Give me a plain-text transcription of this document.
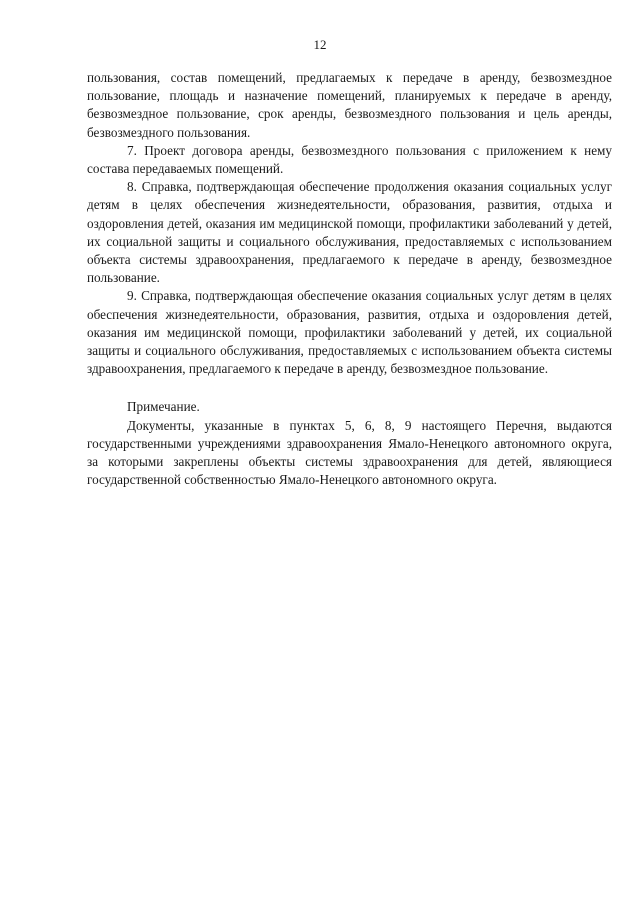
12

пользования, состав помещений, предлагаемых к передаче в аренду, безвозмездное пользование, площадь и назначение помещений, планируемых к передаче в аренду, безвозмездное пользование, срок аренды, безвозмездного пользования и цель аренды, безвозмездного пользования.

7. Проект договора аренды, безвозмездного пользования с приложением к нему состава передаваемых помещений.

8. Справка, подтверждающая обеспечение продолжения оказания социальных услуг детям в целях обеспечения жизнедеятельности, образования, развития, отдыха и оздоровления детей, оказания им медицинской помощи, профилактики заболеваний у детей, их социальной защиты и социального обслуживания, предоставляемых с использованием объекта системы здравоохранения, предлагаемого к передаче в аренду, безвозмездное пользование.

9. Справка, подтверждающая обеспечение оказания социальных услуг детям в целях обеспечения жизнедеятельности, образования, развития, отдыха и оздоровления детей, оказания им медицинской помощи, профилактики заболеваний у детей, их социальной защиты и социального обслуживания, предоставляемых с использованием объекта системы здравоохранения, предлагаемого к передаче в аренду, безвозмездное пользование.

Примечание.

Документы, указанные в пунктах 5, 6, 8, 9 настоящего Перечня, выдаются государственными учреждениями здравоохранения Ямало-Ненецкого автономного округа, за которыми закреплены объекты системы здравоохранения для детей, являющиеся государственной собственностью Ямало-Ненецкого автономного округа.
